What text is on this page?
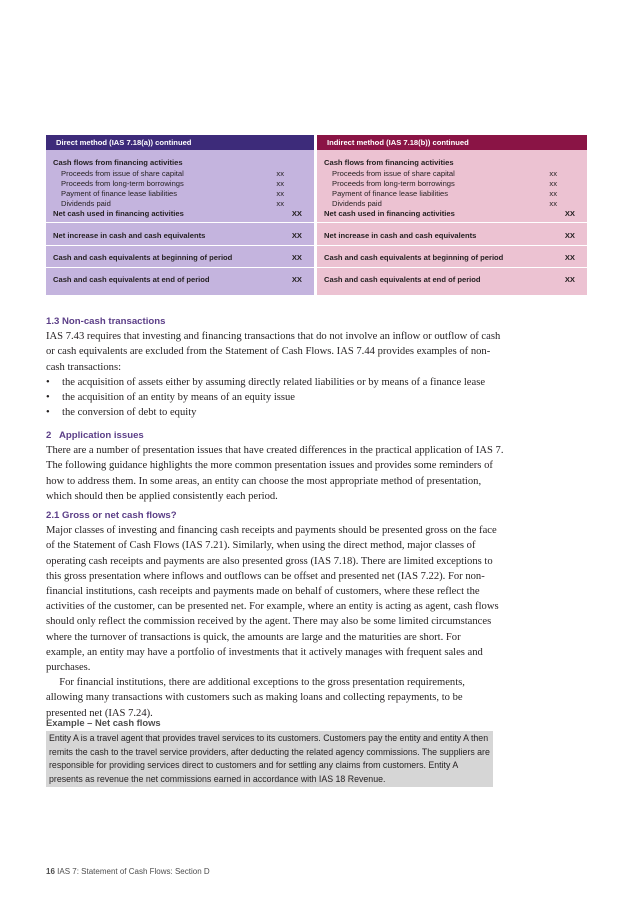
Direct method (IAS 7.18(a)) continued
Cash flows from financing activities
Proceeds from issue of share capital	xx
Proceeds from long-term borrowings	xx
Payment of finance lease liabilities	xx
Dividends paid	xx
Net cash used in financing activities	XX
Net increase in cash and cash equivalents	XX
Cash and cash equivalents at beginning of period	XX
Cash and cash equivalents at end of period	XX
Indirect method (IAS 7.18(b)) continued
Cash flows from financing activities
Proceeds from issue of share capital	xx
Proceeds from long-term borrowings	xx
Payment of finance lease liabilities	xx
Dividends paid	xx
Net cash used in financing activities	XX
Net increase in cash and cash equivalents	XX
Cash and cash equivalents at beginning of period	XX
Cash and cash equivalents at end of period	XX

1.3 Non-cash transactions

IAS 7.43 requires that investing and financing transactions that do not involve an inflow or outflow of cash

or cash equivalents are excluded from the Statement of Cash Flows. IAS 7.44 provides examples of non-

cash transactions:

• the acquisition of assets either by assuming directly related liabilities or by means of a finance lease

• the acquisition of an entity by means of an equity issue

• the conversion of debt to equity

2   Application issues

There are a number of presentation issues that have created differences in the practical application of IAS 7.

The following guidance highlights the more common presentation issues and provides some reminders of

how to address them. In some areas, an entity can choose the most appropriate method of presentation,

which should then be applied consistently each period.

2.1 Gross or net cash flows?

Major classes of investing and financing cash receipts and payments should be presented gross on the face

of the Statement of Cash Flows (IAS 7.21). Similarly, when using the direct method, major classes of

operating cash receipts and payments are also presented gross (IAS 7.18). There are limited exceptions to

this gross presentation where inflows and outflows can be offset and presented net (IAS 7.22). For non-

financial institutions, cash receipts and payments made on behalf of customers, where these reflect the

activities of the customer, can be presented net. For example, where an entity is acting as agent, cash flows

should only reflect the commission received by the agent. There may also be some limited circumstances

where the turnover of transactions is quick, the amounts are large and the maturities are short. For

example, an entity may have a portfolio of investments that it actively manages with frequent sales and

purchases.

For financial institutions, there are additional exceptions to the gross presentation requirements,

allowing many transactions with customers such as making loans and collecting repayments, to be

presented net (IAS 7.24).

Example – Net cash flows
Entity A is a travel agent that provides travel services to its customers. Customers pay the entity and entity A then
remits the cash to the travel service providers, after deducting the related agency commissions. The suppliers are
responsible for providing services direct to customers and for settling any claims from customers. Entity A
presents as revenue the net commissions earned in accordance with IAS 18 Revenue.
16 IAS 7: Statement of Cash Flows: Section D
